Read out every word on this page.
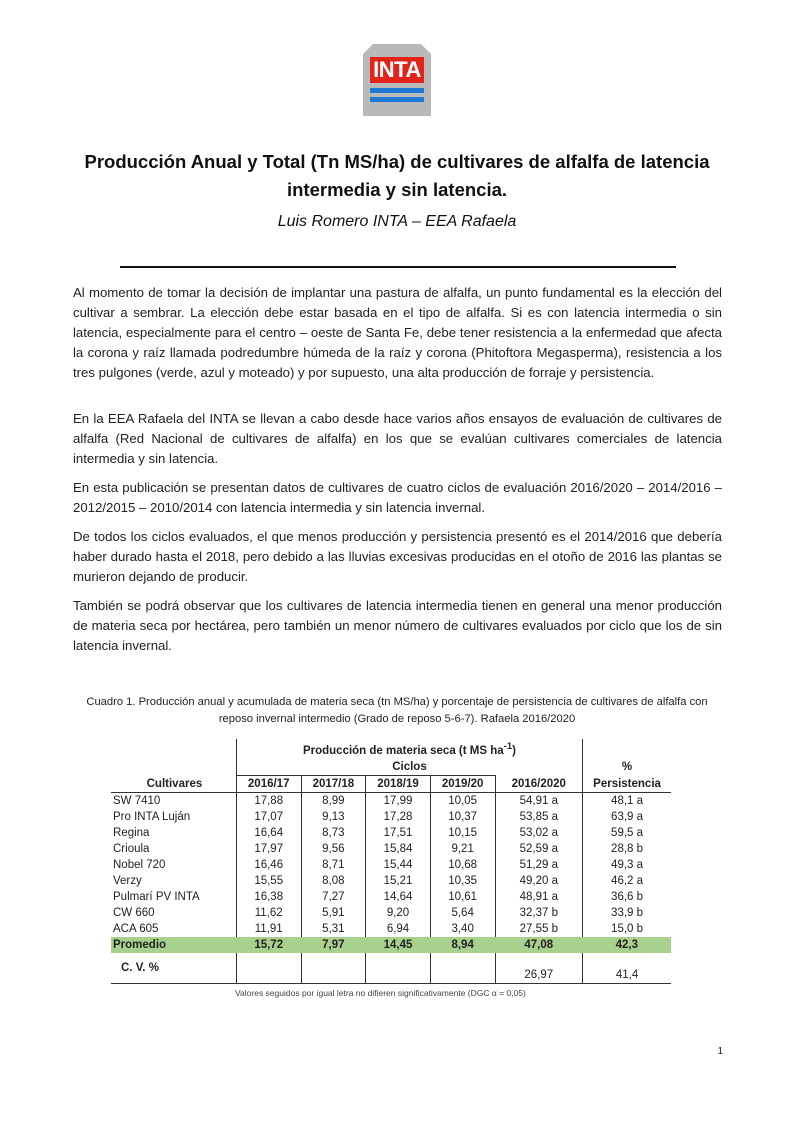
INTA
Producción Anual y Total (Tn MS/ha) de cultivares de alfalfa de latencia intermedia y sin latencia.
Luis Romero INTA – EEA Rafaela

Al momento de tomar la decisión de implantar una pastura de alfalfa, un punto fundamental es la elección del cultivar a sembrar. La elección debe estar basada en el tipo de alfalfa. Si es con latencia intermedia o sin latencia, especialmente para el centro – oeste de Santa Fe, debe tener resistencia a la enfermedad que afecta la corona y raíz llamada podredumbre húmeda de la raíz y corona (Phitoftora Megasperma), resistencia a los tres pulgones (verde, azul y moteado) y por supuesto, una alta producción de forraje y persistencia.

En la EEA Rafaela del INTA se llevan a cabo desde hace varios años ensayos de evaluación de cultivares de alfalfa (Red Nacional de cultivares de alfalfa) en los que se evalúan cultivares comerciales de latencia intermedia y sin latencia.

En esta publicación se presentan datos de cultivares de cuatro ciclos de evaluación 2016/2020 – 2014/2016 – 2012/2015 – 2010/2014 con latencia intermedia y sin latencia invernal.

De todos los ciclos evaluados, el que menos producción y persistencia presentó es el 2014/2016 que debería haber durado hasta el 2018, pero debido a las lluvias excesivas producidas en el otoño de 2016 las plantas se murieron dejando de producir.

También se podrá observar que los cultivares de latencia intermedia tienen en general una menor producción de materia seca por hectárea, pero también un menor número de cultivares evaluados por ciclo que los de sin latencia invernal.

Cuadro 1. Producción anual y acumulada de materia seca (tn MS/ha) y porcentaje de persistencia de cultivares de alfalfa con reposo invernal intermedio (Grado de reposo 5-6-7). Rafaela 2016/2020

	Producción de materia seca (t MS $ha^{-1}$)					
	Ciclos					%
Cultivares	2016/17	2017/18	2018/19	2019/20	2016/2020	Persistencia
SW 7410	17,88	8,99	17,99	10,05	54,91 a	48,1 a
Pro INTA Luján	17,07	9,13	17,28	10,37	53,85 a	63,9 a
Regina	16,64	8,73	17,51	10,15	53,02 a	59,5 a
Crioula	17,97	9,56	15,84	9,21	52,59 a	28,8 b
Nobel 720	16,46	8,71	15,44	10,68	51,29 a	49,3 a
Verzy	15,55	8,08	15,21	10,35	49,20 a	46,2 a
Pulmarí PV INTA	16,38	7,27	14,64	10,61	48,91 a	36,6 b
CW 660	11,62	5,91	9,20	5,64	32,37 b	33,9 b
ACA 605	11,91	5,31	6,94	3,40	27,55 b	15,0 b
Promedio	15,72	7,97	14,45	8,94	47,08	42,3
C. V. %					26,97	41,4
Valores seguidos por igual letra no difieren significativamente (DGC α = 0,05)
1
